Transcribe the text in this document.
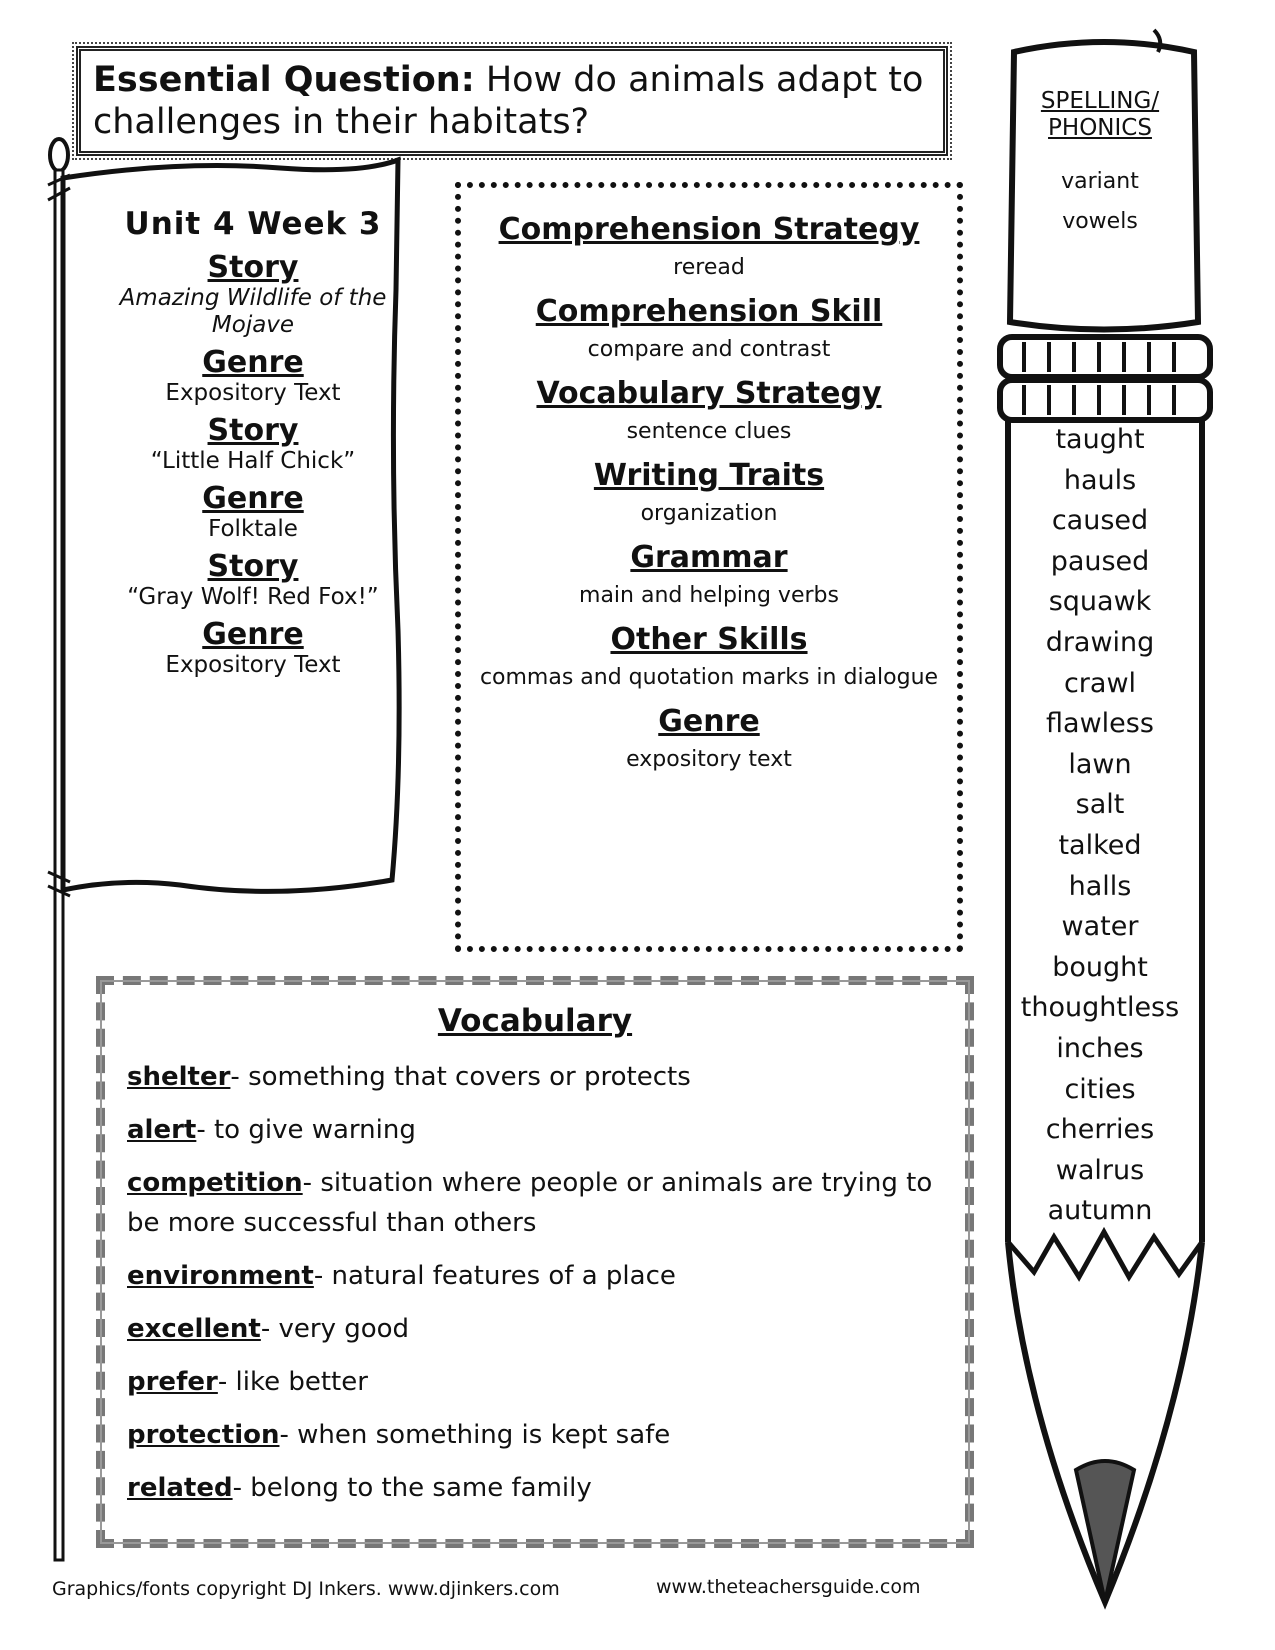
Essential Question: How do animals adapt to challenges in their habitats?
Unit 4 Week 3
Story
Amazing Wildlife of the Mojave
Genre
Expository Text
Story
“Little Half Chick”
Genre
Folktale
Story
“Gray Wolf! Red Fox!”
Genre
Expository Text
Comprehension Strategy
reread
Comprehension Skill
compare and contrast
Vocabulary Strategy
sentence clues
Writing Traits
organization
Grammar
main and helping verbs
Other Skills
commas and quotation marks in dialogue
Genre
expository text
Vocabulary
shelter- something that covers or protects
alert- to give warning
competition- situation where people or animals are trying to be more successful than others
environment- natural features of a place
excellent- very good
prefer- like better
protection- when something is kept safe
related- belong to the same family
SPELLING/
PHONICS
variant
vowels
taught
hauls
caused
paused
squawk
drawing
crawl
flawless
lawn
salt
talked
halls
water
bought
thoughtless
inches
cities
cherries
walrus
autumn
Graphics/fonts copyright DJ Inkers. www.djinkers.com	www.theteachersguide.com
